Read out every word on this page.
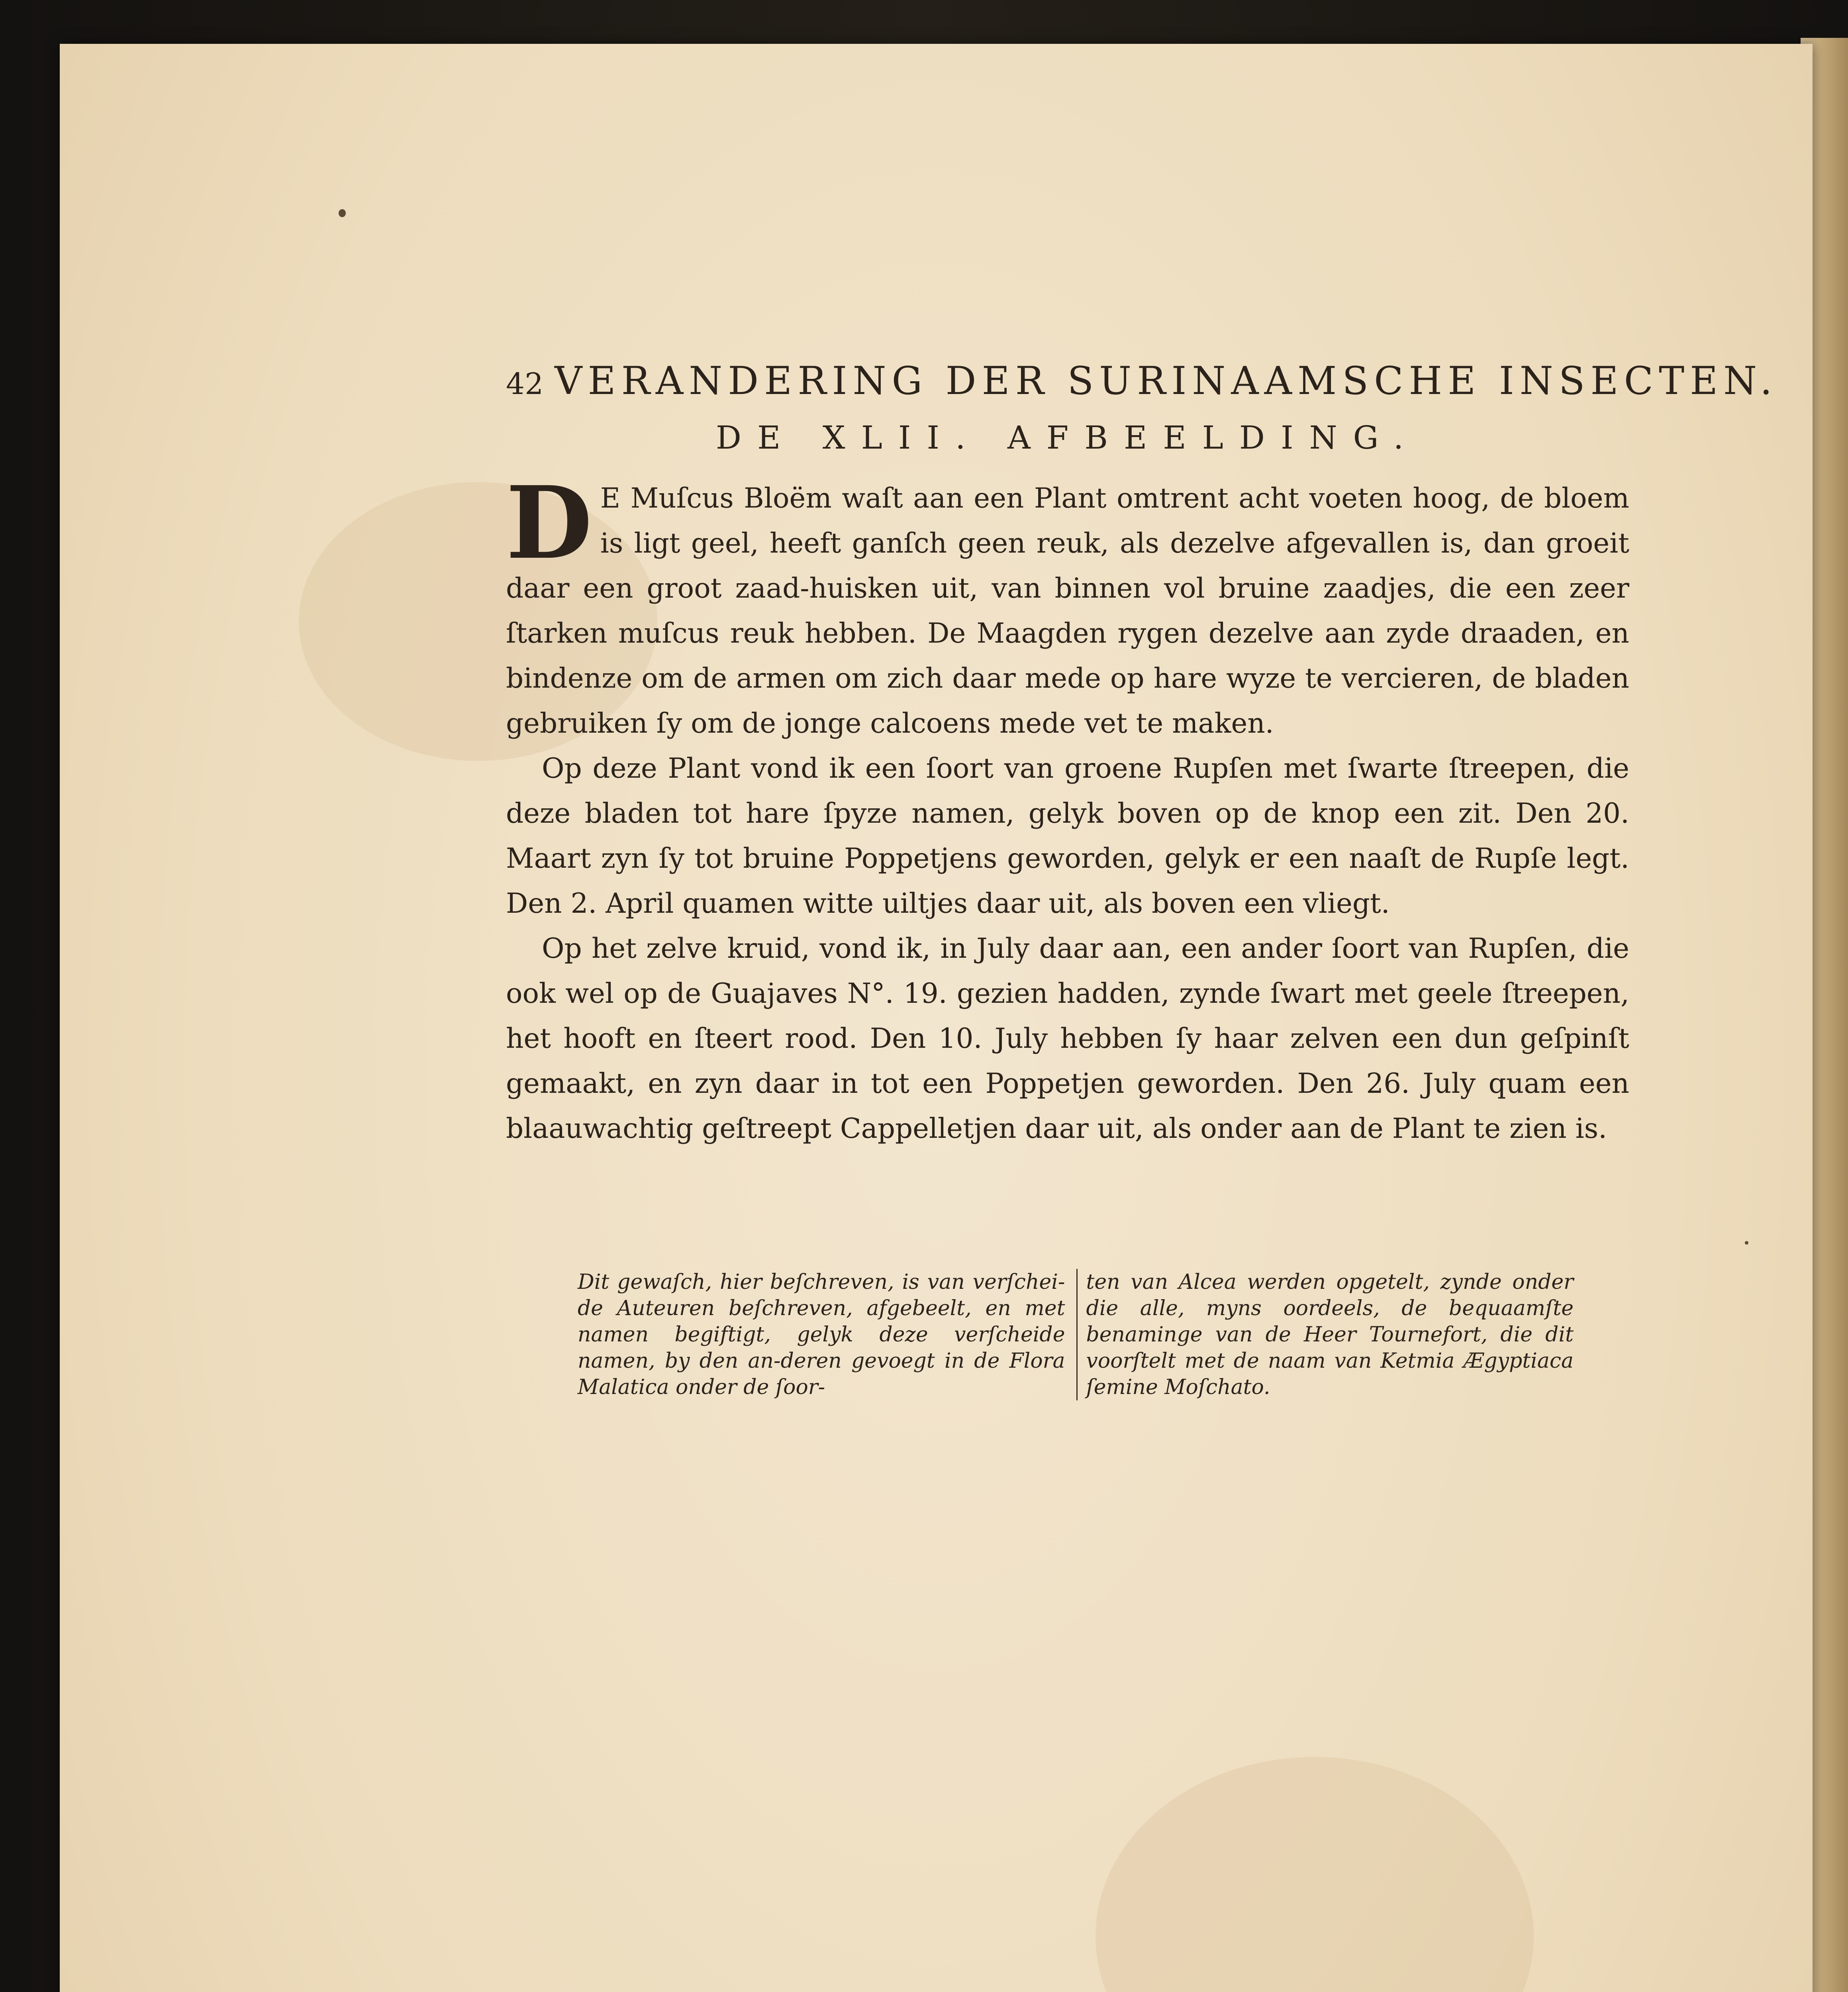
42 VERANDERING DER SURINAAMSCHE INSECTEN.
DE XLII. AFBEELDING.

D E Muſcus Bloëm waſt aan een Plant omtrent acht voeten hoog, de bloem is ligt geel, heeft ganſch geen reuk, als dezelve afgevallen is, dan groeit daar een groot zaad-huisken uit, van binnen vol bruine zaadjes, die een zeer ſtarken muſcus reuk hebben. De Maagden rygen dezelve aan zyde draaden, en bindenze om de armen om zich daar mede op hare wyze te vercieren, de bladen gebruiken ſy om de jonge calcoens mede vet te maken.

Op deze Plant vond ik een ſoort van groene Rupſen met ſwarte ſtreepen, die deze bladen tot hare ſpyze namen, gelyk boven op de knop een zit. Den 20. Maart zyn ſy tot bruine Poppetjens geworden, gelyk er een naaſt de Rupſe legt. Den 2. April quamen witte uiltjes daar uit, als boven een vliegt.

Op het zelve kruid, vond ik, in July daar aan, een ander ſoort van Rupſen, die ook wel op de Guajaves N°. 19. gezien hadden, zynde ſwart met geele ſtreepen, het hooft en ſteert rood. Den 10. July hebben ſy haar zelven een dun geſpinſt gemaakt, en zyn daar in tot een Poppetjen geworden. Den 26. July quam een blaauwachtig geſtreept Cappelletjen daar uit, als onder aan de Plant te zien is.

Dit gewaſch, hier beſchreven, is van verſchei-de Auteuren beſchreven, afgebeelt, en met namen begiftigt, gelyk deze verſcheide namen, by den an-deren gevoegt in de Flora Malatica onder de ſoor-
ten van Alcea werden opgetelt, zynde onder die alle, myns oordeels, de bequaamſte benaminge van de Heer Tournefort, die dit voorſtelt met de naam van Ketmia Ægyptiaca ſemine Moſchato.
